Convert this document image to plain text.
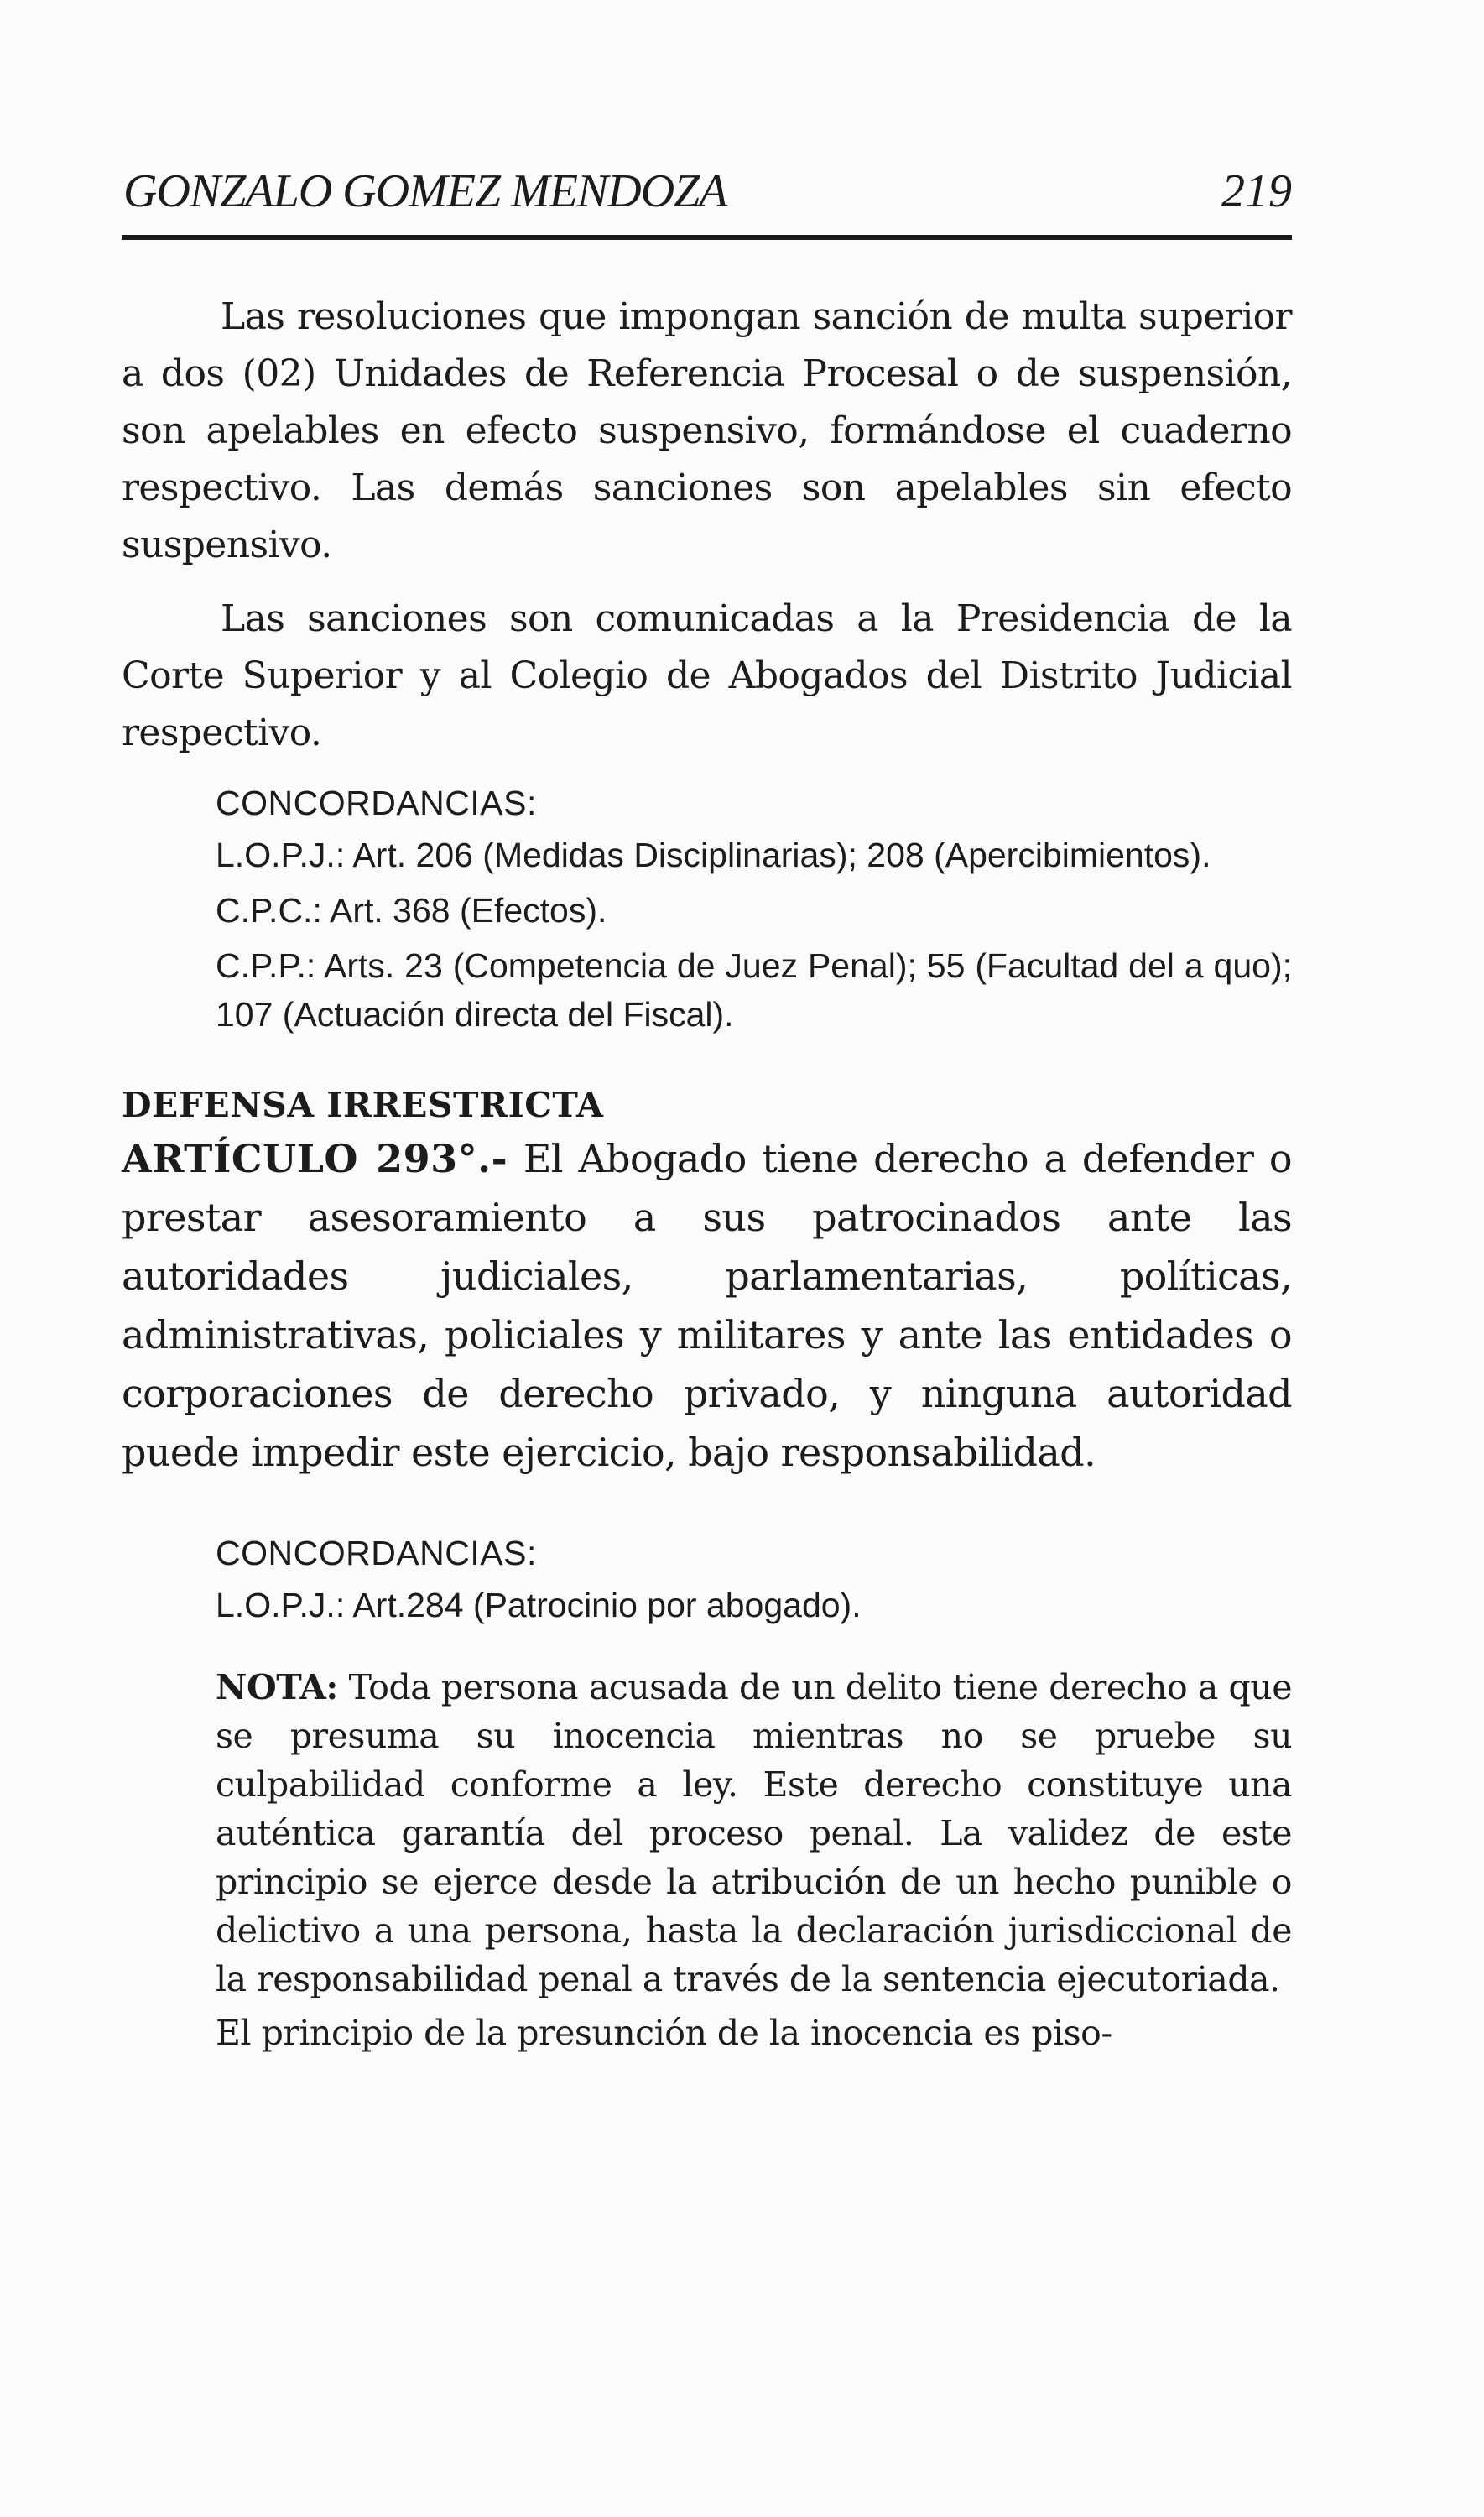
GONZALO GOMEZ MENDOZA	219

Las resoluciones que impongan sanción de multa superior a dos (02) Unidades de Referencia Procesal o de suspensión, son apelables en efecto suspensivo, formándose el cuaderno respectivo. Las demás sanciones son apelables sin efecto suspensivo.

Las sanciones son comunicadas a la Presidencia de la Corte Superior y al Colegio de Abogados del Distrito Judicial respectivo.

CONCORDANCIAS:

L.O.P.J.: Art. 206 (Medidas Disciplinarias); 208 (Apercibimientos).

C.P.C.: Art. 368 (Efectos).

C.P.P.: Arts. 23 (Competencia de Juez Penal); 55 (Facultad del a quo); 107 (Actuación directa del Fiscal).

DEFENSA IRRESTRICTA

ARTÍCULO 293°.- El Abogado tiene derecho a defender o prestar asesoramiento a sus patrocinados ante las autoridades judiciales, parlamentarias, políticas, administrativas, policiales y militares y ante las entidades o corporaciones de derecho privado, y ninguna autoridad puede impedir este ejercicio, bajo responsabilidad.

CONCORDANCIAS:

L.O.P.J.: Art.284 (Patrocinio por abogado).

NOTA: Toda persona acusada de un delito tiene derecho a que se presuma su inocencia mientras no se pruebe su culpabilidad conforme a ley. Este derecho constituye una auténtica garantía del proceso penal. La validez de este principio se ejerce desde la atribución de un hecho punible o delictivo a una persona, hasta la declaración jurisdiccional de la responsabilidad penal a través de la sentencia ejecutoriada.

El principio de la presunción de la inocencia es piso-
